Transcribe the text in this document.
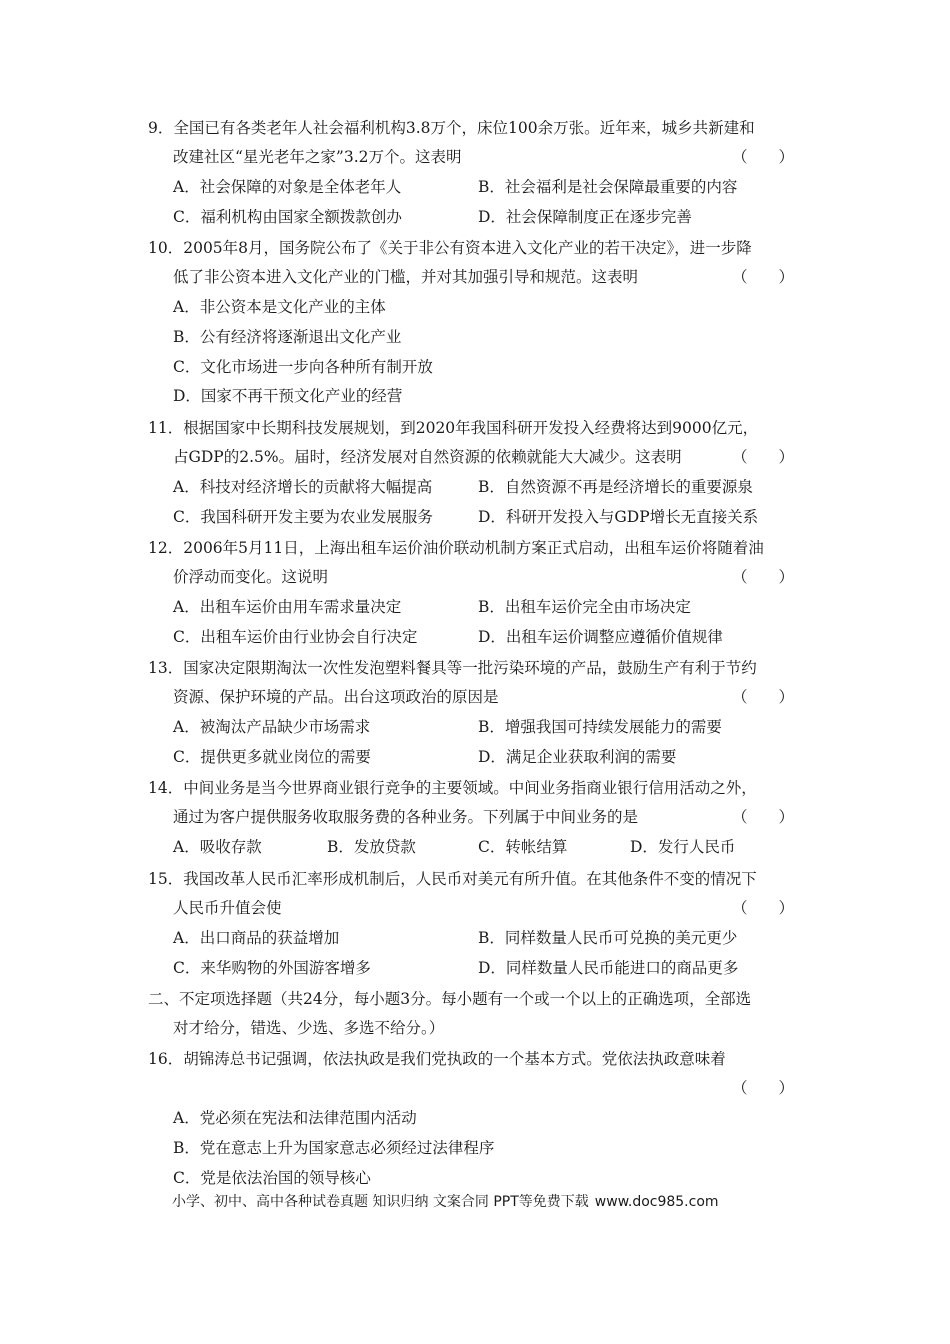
9．全国已有各类老年人社会福利机构3.8万个，床位100余万张。近年来，城乡共新建和
改建社区“星光老年之家”3.2万个。这表明	（　　）
A．社会保障的对象是全体老年人	B．社会福利是社会保障最重要的内容
C．福利机构由国家全额拨款创办	D．社会保障制度正在逐步完善
10．2005年8月，国务院公布了《关于非公有资本进入文化产业的若干决定》，进一步降
低了非公资本进入文化产业的门槛，并对其加强引导和规范。这表明	（　　）
A．非公资本是文化产业的主体
B．公有经济将逐渐退出文化产业
C．文化市场进一步向各种所有制开放
D．国家不再干预文化产业的经营
11．根据国家中长期科技发展规划，到2020年我国科研开发投入经费将达到9000亿元，
占GDP的2.5%。届时，经济发展对自然资源的依赖就能大大减少。这表明	（　　）
A．科技对经济增长的贡献将大幅提高	B．自然资源不再是经济增长的重要源泉
C．我国科研开发主要为农业发展服务	D．科研开发投入与GDP增长无直接关系
12．2006年5月11日，上海出租车运价油价联动机制方案正式启动，出租车运价将随着油
价浮动而变化。这说明	（　　）
A．出租车运价由用车需求量决定	B．出租车运价完全由市场决定
C．出租车运价由行业协会自行决定	D．出租车运价调整应遵循价值规律
13．国家决定限期淘汰一次性发泡塑料餐具等一批污染环境的产品，鼓励生产有利于节约
资源、保护环境的产品。出台这项政治的原因是	（　　）
A．被淘汰产品缺少市场需求	B．增强我国可持续发展能力的需要
C．提供更多就业岗位的需要	D．满足企业获取利润的需要
14．中间业务是当今世界商业银行竞争的主要领域。中间业务指商业银行信用活动之外，
通过为客户提供服务收取服务费的各种业务。下列属于中间业务的是	（　　）
A．吸收存款	B．发放贷款	C．转帐结算	D．发行人民币
15．我国改革人民币汇率形成机制后，人民币对美元有所升值。在其他条件不变的情况下
人民币升值会使	（　　）
A．出口商品的获益增加	B．同样数量人民币可兑换的美元更少
C．来华购物的外国游客增多	D．同样数量人民币能进口的商品更多
二、不定项选择题（共24分，每小题3分。每小题有一个或一个以上的正确选项，全部选
对才给分，错选、少选、多选不给分。）
16．胡锦涛总书记强调，依法执政是我们党执政的一个基本方式。党依法执政意味着
（　　）
A．党必须在宪法和法律范围内活动
B．党在意志上升为国家意志必须经过法律程序
C．党是依法治国的领导核心
小学、初中、高中各种试卷真题 知识归纳 文案合同 PPT等免费下载 www.doc985.com
